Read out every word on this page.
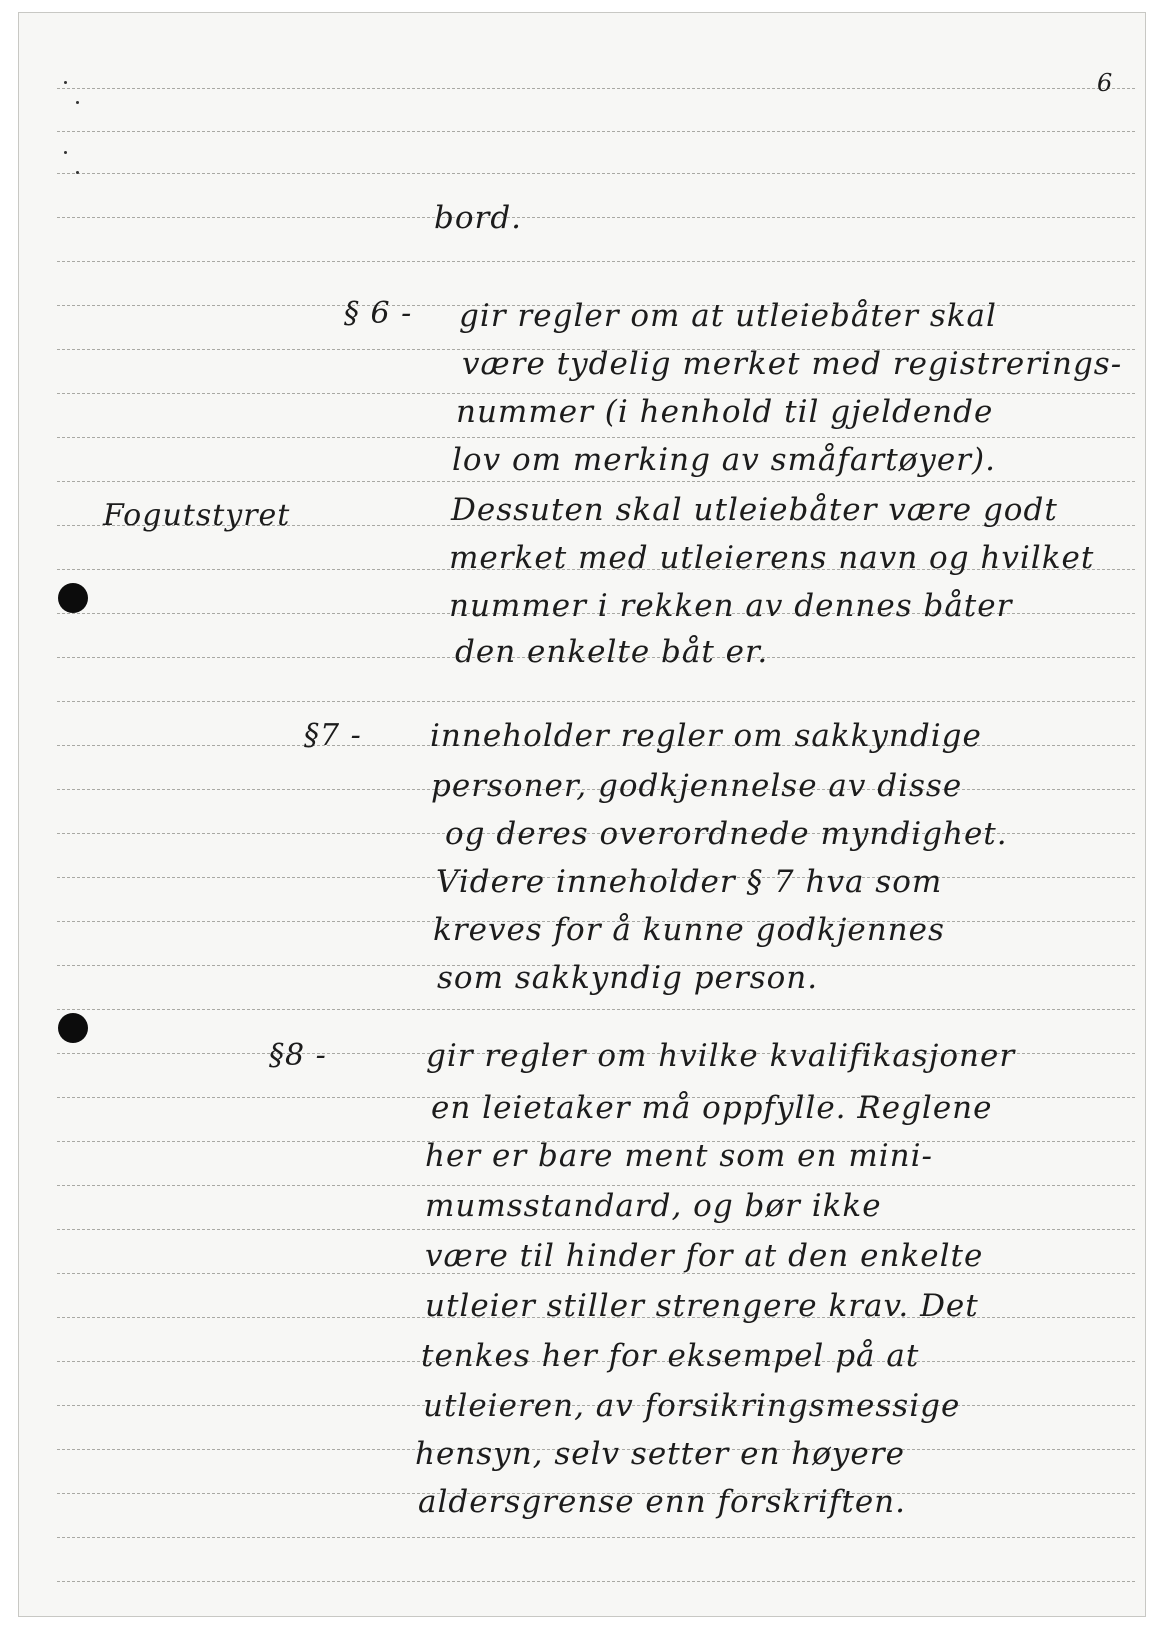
6
Fogutstyret
§ 6 -
§7 -
§8 -
bord.
gir regler om at utleiebåter skal
være tydelig merket med registrerings-
nummer (i henhold til gjeldende
lov om merking av småfartøyer).
Dessuten skal utleiebåter være godt
merket med utleierens navn og hvilket
nummer i rekken av dennes båter
den enkelte båt er.
inneholder regler om sakkyndige
personer, godkjennelse av disse
og deres overordnede myndighet.
Videre inneholder § 7 hva som
kreves for å kunne godkjennes
som sakkyndig person.
gir regler om hvilke kvalifikasjoner
en leietaker må oppfylle. Reglene
her er bare ment som en mini-
mumsstandard, og bør ikke
være til hinder for at den enkelte
utleier stiller strengere krav. Det
tenkes her for eksempel på at
utleieren, av forsikringsmessige
hensyn, selv setter en høyere
aldersgrense enn forskriften.
